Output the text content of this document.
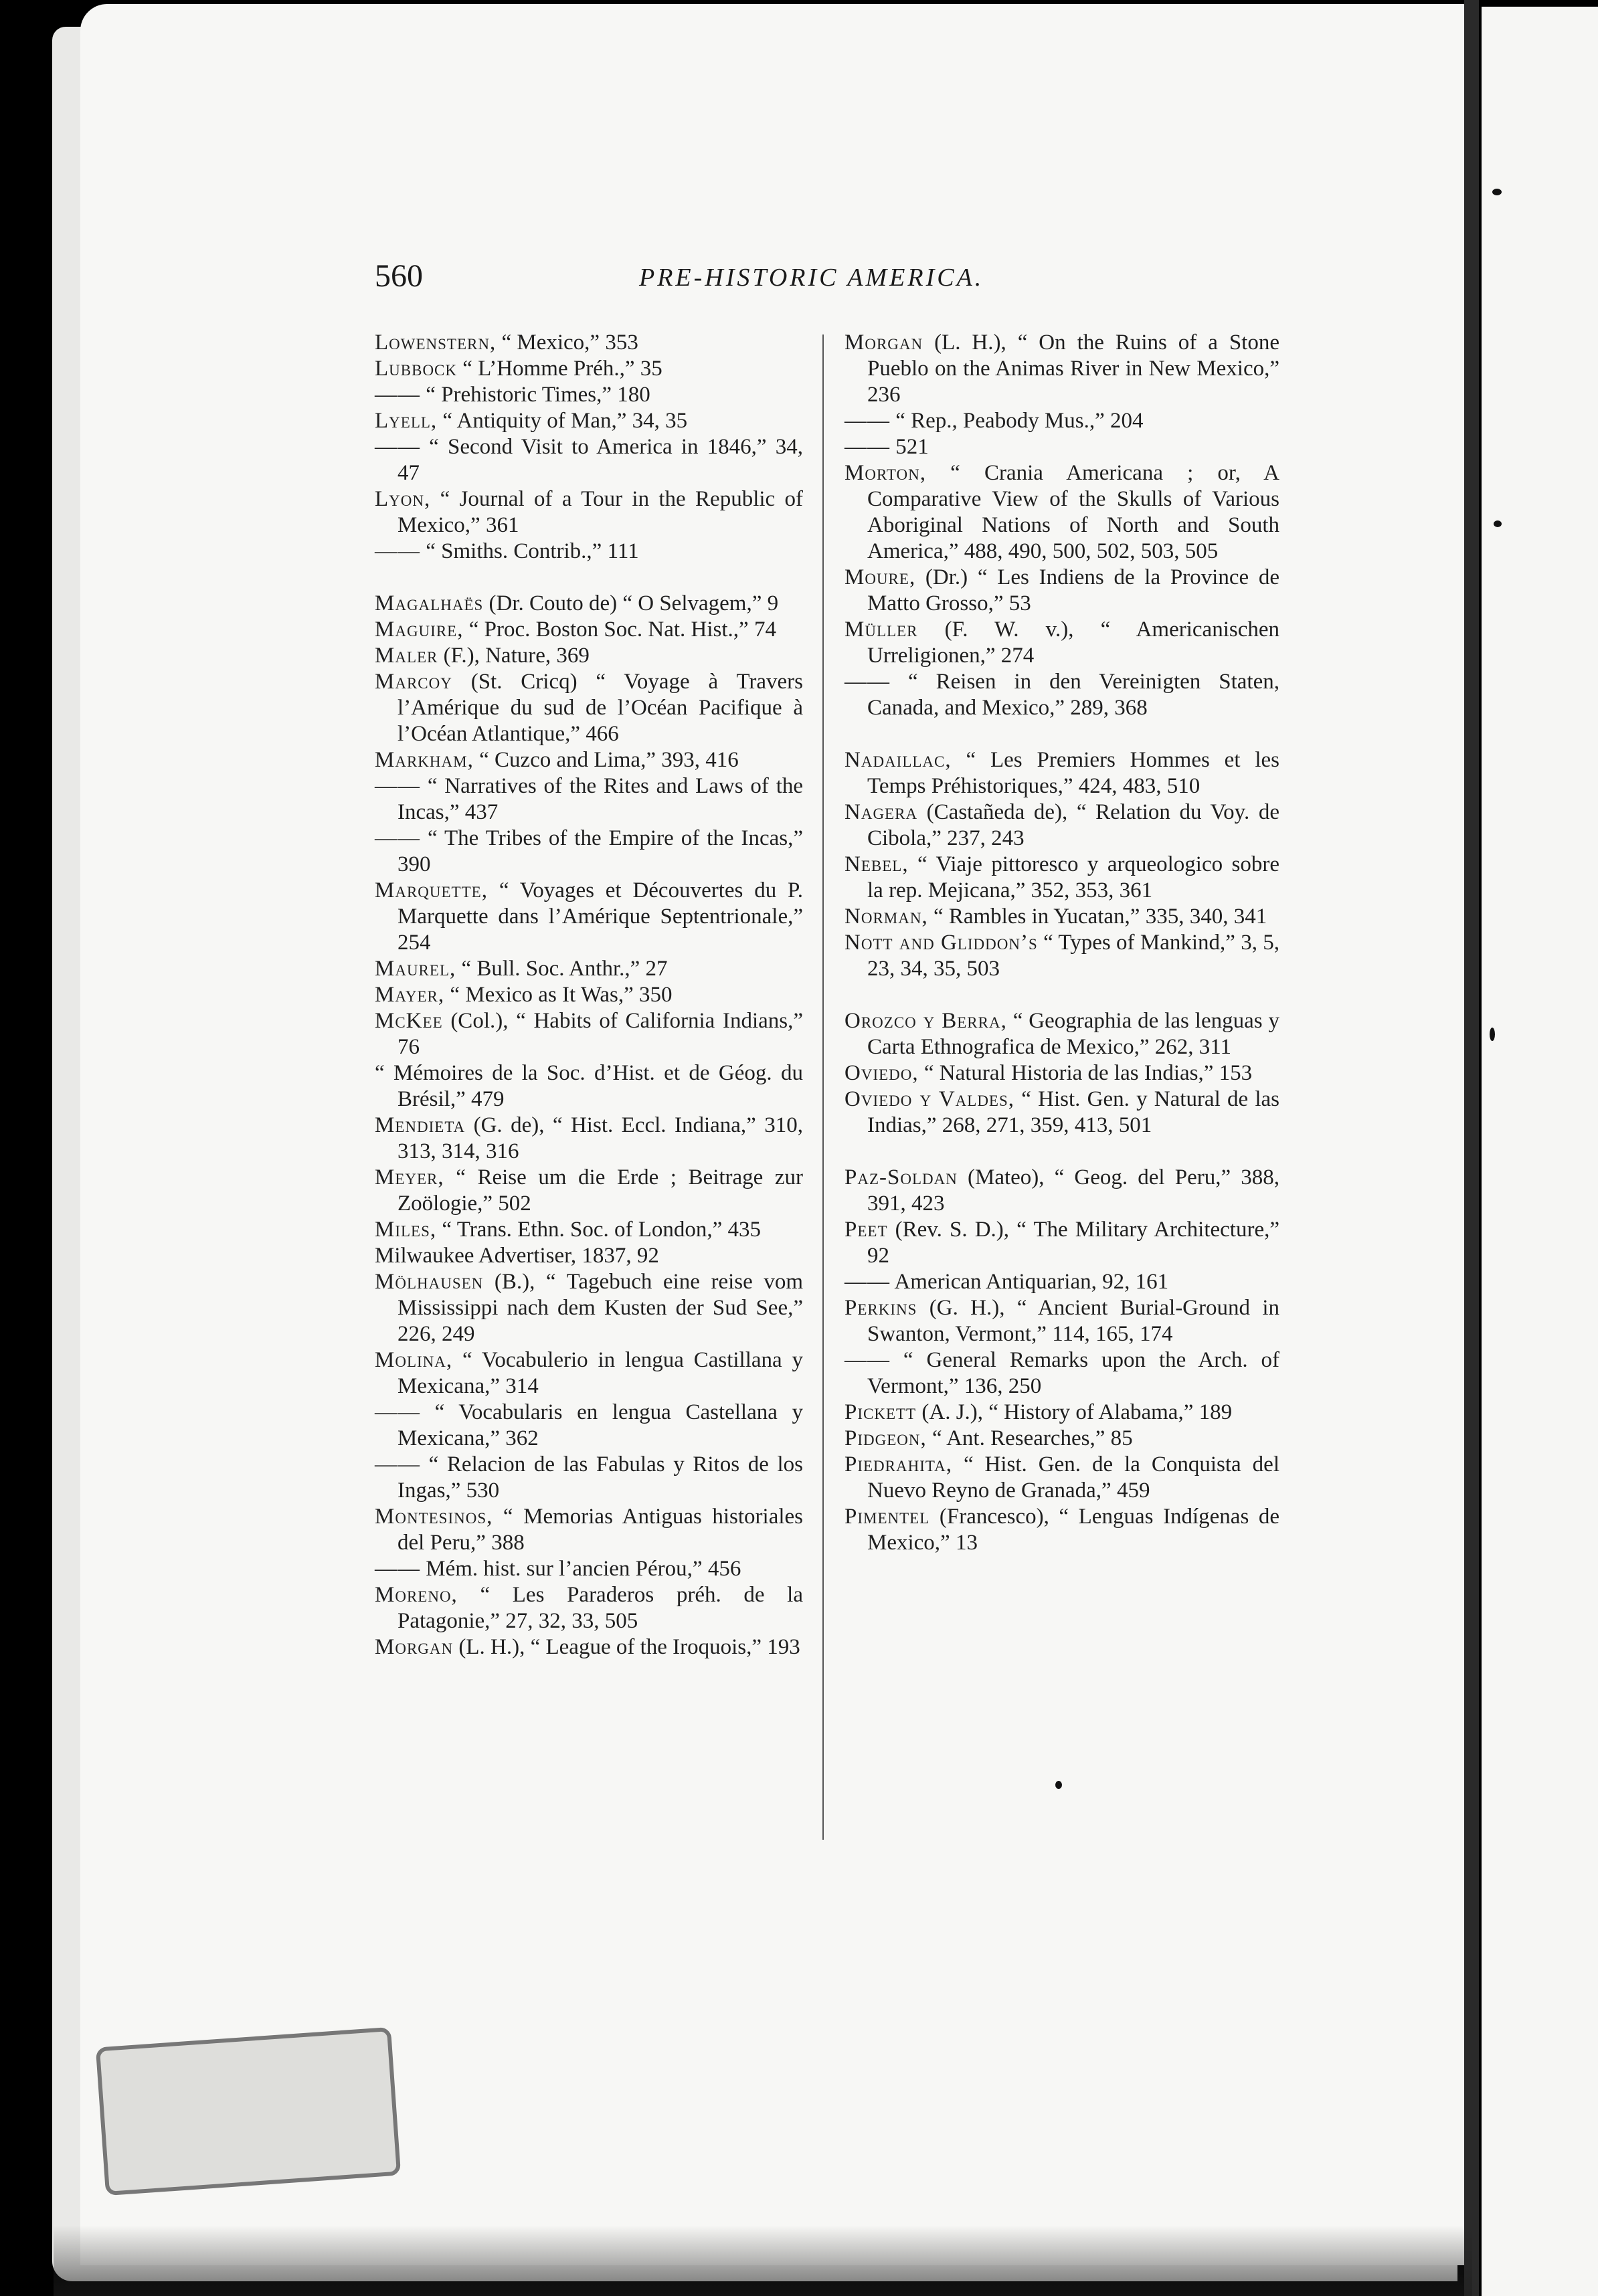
560	PRE-HISTORIC AMERICA.

Lowenstern, “ Mexico,” 353

Lubbock “ L’Homme Préh.,” 35

—— “ Prehistoric Times,” 180

Lyell, “ Antiquity of Man,” 34, 35

—— “ Second Visit to America in 1846,” 34, 47

Lyon, “ Journal of a Tour in the Republic of Mexico,” 361

—— “ Smiths. Contrib.,” 111

Magalhaës (Dr. Couto de) “ O Selvagem,” 9

Maguire, “ Proc. Boston Soc. Nat. Hist.,” 74

Maler (F.), Nature, 369

Marcoy (St. Cricq) “ Voyage à Travers l’Amérique du sud de l’Océan Pacifique à l’Océan Atlantique,” 466

Markham, “ Cuzco and Lima,” 393, 416

—— “ Narratives of the Rites and Laws of the Incas,” 437

—— “ The Tribes of the Empire of the Incas,” 390

Marquette, “ Voyages et Découvertes du P. Marquette dans l’Amérique Septentrionale,” 254

Maurel, “ Bull. Soc. Anthr.,” 27

Mayer, “ Mexico as It Was,” 350

McKee (Col.), “ Habits of California Indians,” 76

“ Mémoires de la Soc. d’Hist. et de Géog. du Brésil,” 479

Mendieta (G. de), “ Hist. Eccl. Indiana,” 310, 313, 314, 316

Meyer, “ Reise um die Erde ; Beitrage zur Zoölogie,” 502

Miles, “ Trans. Ethn. Soc. of London,” 435

Milwaukee Advertiser, 1837, 92

Mölhausen (B.), “ Tagebuch eine reise vom Mississippi nach dem Kusten der Sud See,” 226, 249

Molina, “ Vocabulerio in lengua Castillana y Mexicana,” 314

—— “ Vocabularis en lengua Castellana y Mexicana,” 362

—— “ Relacion de las Fabulas y Ritos de los Ingas,” 530

Montesinos, “ Memorias Antiguas historiales del Peru,” 388

—— Mém. hist. sur l’ancien Pérou,” 456

Moreno, “ Les Paraderos préh. de la Patagonie,” 27, 32, 33, 505

Morgan (L. H.), “ League of the Iroquois,” 193

Morgan (L. H.), “ On the Ruins of a Stone Pueblo on the Animas River in New Mexico,” 236

—— “ Rep., Peabody Mus.,” 204

—— 521

Morton, “ Crania Americana ; or, A Comparative View of the Skulls of Various Aboriginal Nations of North and South America,” 488, 490, 500, 502, 503, 505

Moure, (Dr.) “ Les Indiens de la Province de Matto Grosso,” 53

Müller (F. W. v.), “ Americanischen Urreligionen,” 274

—— “ Reisen in den Vereinigten Staten, Canada, and Mexico,” 289, 368

Nadaillac, “ Les Premiers Hommes et les Temps Préhistoriques,” 424, 483, 510

Nagera (Castañeda de), “ Relation du Voy. de Cibola,” 237, 243

Nebel, “ Viaje pittoresco y arqueologico sobre la rep. Mejicana,” 352, 353, 361

Norman, “ Rambles in Yucatan,” 335, 340, 341

Nott and Gliddon’s “ Types of Mankind,” 3, 5, 23, 34, 35, 503

Orozco y Berra, “ Geographia de las lenguas y Carta Ethnografica de Mexico,” 262, 311

Oviedo, “ Natural Historia de las Indias,” 153

Oviedo y Valdes, “ Hist. Gen. y Natural de las Indias,” 268, 271, 359, 413, 501

Paz-Soldan (Mateo), “ Geog. del Peru,” 388, 391, 423

Peet (Rev. S. D.), “ The Military Architecture,” 92

—— American Antiquarian, 92, 161

Perkins (G. H.), “ Ancient Burial-Ground in Swanton, Vermont,” 114, 165, 174

—— “ General Remarks upon the Arch. of Vermont,” 136, 250

Pickett (A. J.), “ History of Alabama,” 189

Pidgeon, “ Ant. Researches,” 85

Piedrahita, “ Hist. Gen. de la Conquista del Nuevo Reyno de Granada,” 459

Pimentel (Francesco), “ Lenguas Indígenas de Mexico,” 13
